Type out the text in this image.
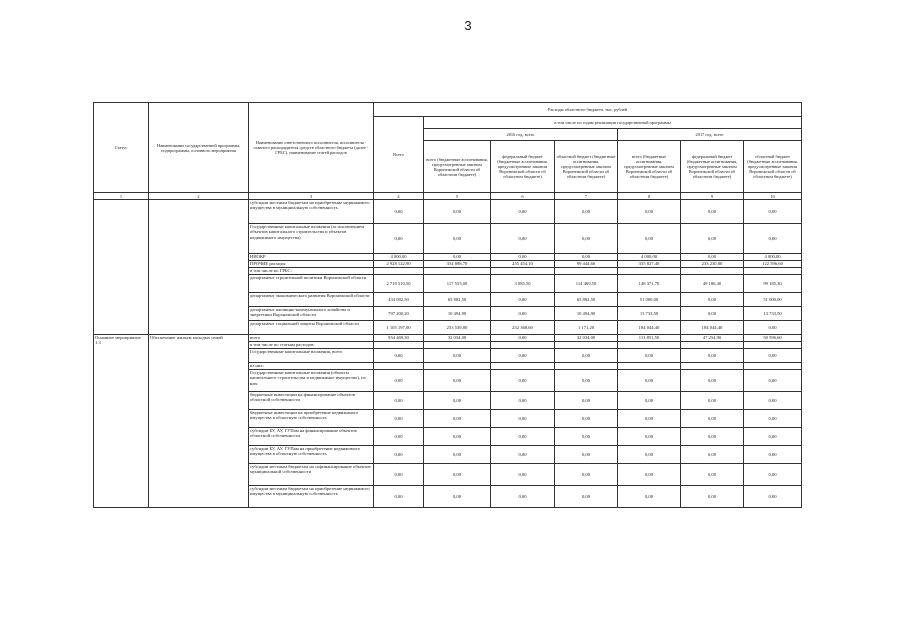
3
Статус	Наименование государственной программы, подпрограммы, основного мероприятия	Наименование ответственного исполнителя, исполнителя - главного распорядителя средств областного бюджета (далее - ГРБС), наименование статей расходов	Расходы областного бюджета, тыс. рублей						
			Всего	в том числе по годам реализации государственной программы					
				2016 год, всего			2017 год, всего		
				всего (бюджетные ассигнования, предусмотренные законом Воронежской области об областном бюджете)	федеральный бюджет (бюджетные ассигнования, предусмотренные законом Воронежской области об областном бюджете)	областной бюджет (бюджетные ассигнования, предусмотренные законом Воронежской области об областном бюджете)	всего (бюджетные ассигнования, предусмотренные законом Воронежской области об областном бюджете)	федеральный бюджет (бюджетные ассигнования, предусмотренные законом Воронежской области об областном бюджете)	областной бюджет (бюджетные ассигнования, предусмотренные законом Воронежской области об областном бюджете)
1	2	3	4	5	6	7	8	9	10
		субсидии местным бюджетам на приобретение недвижимого имущества в муниципальную собственность	0,00	0,00	0,00	0,00	0,00	0,00	0,00
		Государственные капитальные вложения (за исключением объектов капитального строительства и объектов недвижимого имущества)	0,00	0,00	0,00	0,00	0,00	0,00	0,00
		НИОКР	4 000,00	0,00	0,00	0,00	4 000,00	0,00	4 000,00
		ПРОЧИЕ расходы	2 928 122,90	354 898,70	255 454,10	99 444,60	355 827,40	233 230,80	122 596,60
		в том числе по ГРБС:							
		департамент строительной политики Воронежской области	2 718 510,50	117 555,00	3 085,50	114 469,50	148 371,70	49 186,40	99 185,30
		департамент экономического развития Воронежской области	434 082,50	65 882,50	0,00	65 882,50	51 000,00	0,00	51 000,00
		департамент жилищно-коммунального хозяйства и энергетики Воронежской области	797 200,20	10 494,90	0,00	10 494,90	13 733,50	0,00	13 733,50
		департамент социальной защиты Воронежской области	1 105 197,00	253 539,80	252 368,60	1 171,20	184 044,40	184 044,40	0,00
Основное мероприятие 1.3	Обеспечение жильем молодых семей	всего	954 469,30	32 034,00	0,00	32 034,00	113 851,50	47 254,90	50 596,60
		в том числе по статьям расходов:							
		Государственные капитальные вложения, всего	0,00	0,00	0,00	0,00	0,00	0,00	0,00
		из них:							
		Государственные капитальные вложения (объекты капитального строительства и недвижимое имущество), из них:	0,00	0,00	0,00	0,00	0,00	0,00	0,00
		бюджетные инвестиции на финансирование объектов областной собственности	0,00	0,00	0,00	0,00	0,00	0,00	0,00
		бюджетные инвестиции на приобретение недвижимого имущества в областную собственность	0,00	0,00	0,00	0,00	0,00	0,00	0,00
		субсидии БУ, АУ, ГУПам на финансирование объектов областной собственности	0,00	0,00	0,00	0,00	0,00	0,00	0,00
		субсидии БУ, АУ, ГУПам на приобретение недвижимого имущества в областную собственность	0,00	0,00	0,00	0,00	0,00	0,00	0,00
		субсидии местным бюджетам на софинансирование объектов муниципальной собственности	0,00	0,00	0,00	0,00	0,00	0,00	0,00
		субсидии местным бюджетам на приобретение недвижимого имущества в муниципальную собственность	0,00	0,00	0,00	0,00	0,00	0,00	0,00
